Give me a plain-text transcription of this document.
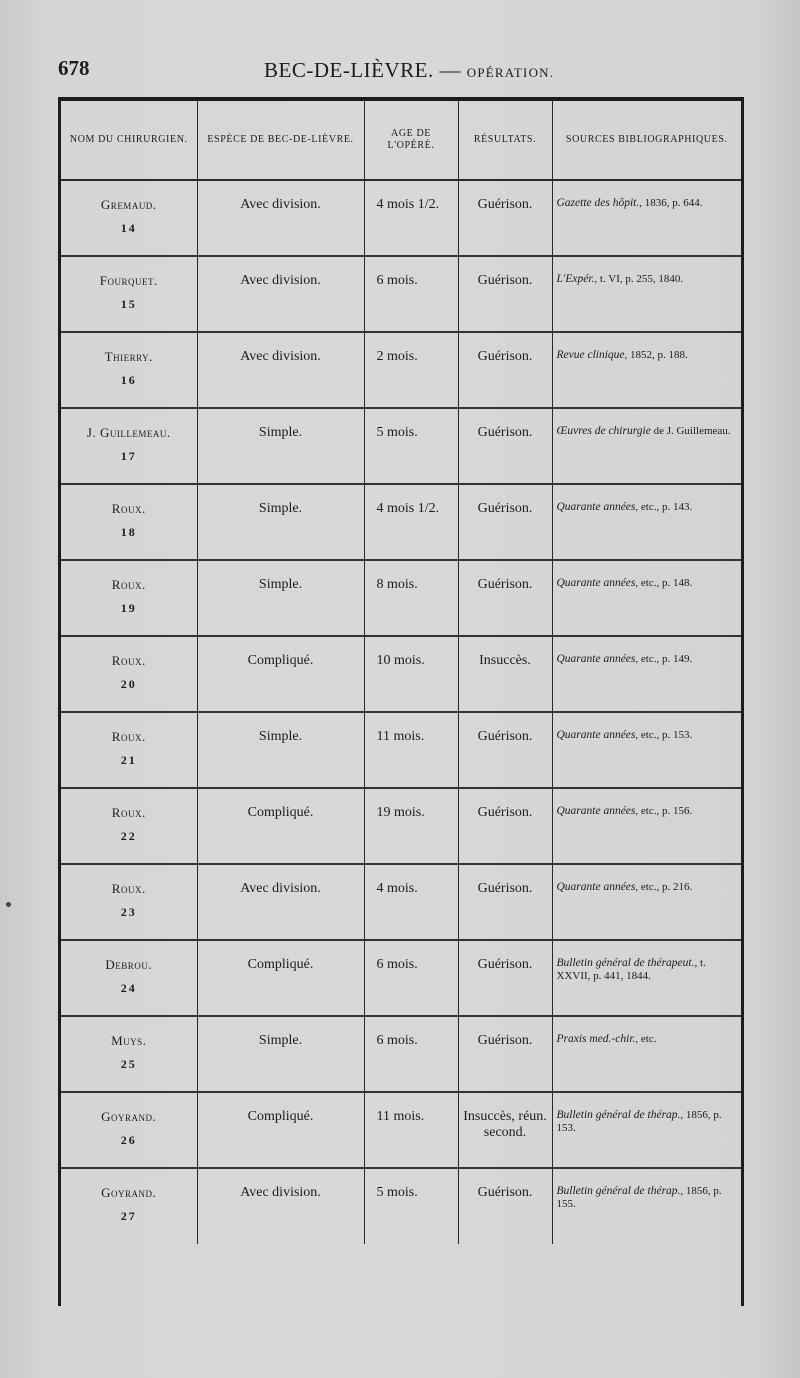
678	BEC-DE-LIÈVRE. — OPÉRATION.
NOM DU CHIRURGIEN.	ESPÈCE DE BEC-DE-LIÈVRE.	AGE DE L'OPÉRÉ.	RÉSULTATS.	SOURCES BIBLIOGRAPHIQUES.

Gremaud.
14	Avec division.	4 mois 1/2.	Guérison.	Gazette des hôpit., 1836, p. 644.

Fourquet.
15	Avec division.	6 mois.	Guérison.	L'Expér., t. VI, p. 255, 1840.

Thierry.
16	Avec division.	2 mois.	Guérison.	Revue clinique, 1852, p. 188.

J. Guillemeau.
17	Simple.	5 mois.	Guérison.	Œuvres de chirurgie de J. Guillemeau.

Roux.
18	Simple.	4 mois 1/2.	Guérison.	Quarante années, etc., p. 143.

Roux.
19	Simple.	8 mois.	Guérison.	Quarante années, etc., p. 148.

Roux.
20	Compliqué.	10 mois.	Insuccès.	Quarante années, etc., p. 149.

Roux.
21	Simple.	11 mois.	Guérison.	Quarante années, etc., p. 153.

Roux.
22	Compliqué.	19 mois.	Guérison.	Quarante années, etc., p. 156.

Roux.
23	Avec division.	4 mois.	Guérison.	Quarante années, etc., p. 216.

Debrou.
24	Compliqué.	6 mois.	Guérison.	Bulletin général de thérapeut., t. XXVII, p. 441, 1844.

Muys.
25	Simple.	6 mois.	Guérison.	Praxis med.-chir., etc.

Goyrand.
26	Compliqué.	11 mois.	Insuccès, réun. second.	Bulletin général de thérap., 1856, p. 153.

Goyrand.
27	Avec division.	5 mois.	Guérison.	Bulletin général de thérap., 1856, p. 155.
